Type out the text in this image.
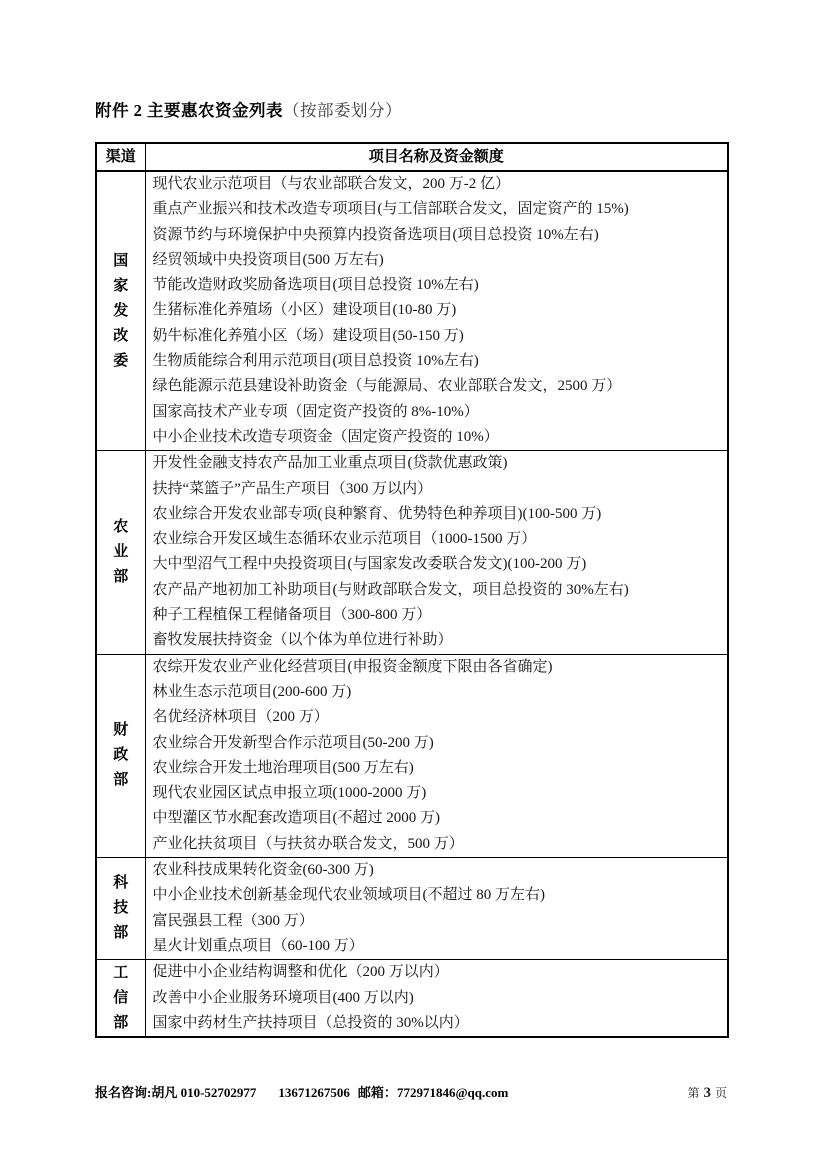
附件 2 主要惠农资金列表（按部委划分）
渠道	项目名称及资金额度
国家发改委	现代农业示范项目（与农业部联合发文，200 万-2 亿）
	重点产业振兴和技术改造专项项目(与工信部联合发文，固定资产的 15%)
	资源节约与环境保护中央预算内投资备选项目(项目总投资 10%左右)
	经贸领域中央投资项目(500 万左右)
	节能改造财政奖励备选项目(项目总投资 10%左右)
	生猪标准化养殖场（小区）建设项目(10-80 万)
	奶牛标准化养殖小区（场）建设项目(50-150 万)
	生物质能综合利用示范项目(项目总投资 10%左右)
	绿色能源示范县建设补助资金（与能源局、农业部联合发文，2500 万）
	国家高技术产业专项（固定资产投资的 8%-10%）
	中小企业技术改造专项资金（固定资产投资的 10%）
农业部	开发性金融支持农产品加工业重点项目(贷款优惠政策)
	扶持“菜篮子”产品生产项目（300 万以内）
	农业综合开发农业部专项(良种繁育、优势特色种养项目)(100-500 万)
	农业综合开发区域生态循环农业示范项目（1000-1500 万）
	大中型沼气工程中央投资项目(与国家发改委联合发文)(100-200 万)
	农产品产地初加工补助项目(与财政部联合发文，项目总投资的 30%左右)
	种子工程植保工程储备项目（300-800 万）
	畜牧发展扶持资金（以个体为单位进行补助）
财政部	农综开发农业产业化经营项目(申报资金额度下限由各省确定)
	林业生态示范项目(200-600 万)
	名优经济林项目（200 万）
	农业综合开发新型合作示范项目(50-200 万)
	农业综合开发土地治理项目(500 万左右)
	现代农业园区试点申报立项(1000-2000 万)
	中型灌区节水配套改造项目(不超过 2000 万)
	产业化扶贫项目（与扶贫办联合发文，500 万）
科技部	农业科技成果转化资金(60-300 万)
	中小企业技术创新基金现代农业领域项目(不超过 80 万左右)
	富民强县工程（300 万）
	星火计划重点项目（60-100 万）
工信部	促进中小企业结构调整和优化（200 万以内）
	改善中小企业服务环境项目(400 万以内)
	国家中药材生产扶持项目（总投资的 30%以内）
报名咨询:胡凡 010-52702977 13671267506 邮箱：772971846@qq.com	第 3 页
